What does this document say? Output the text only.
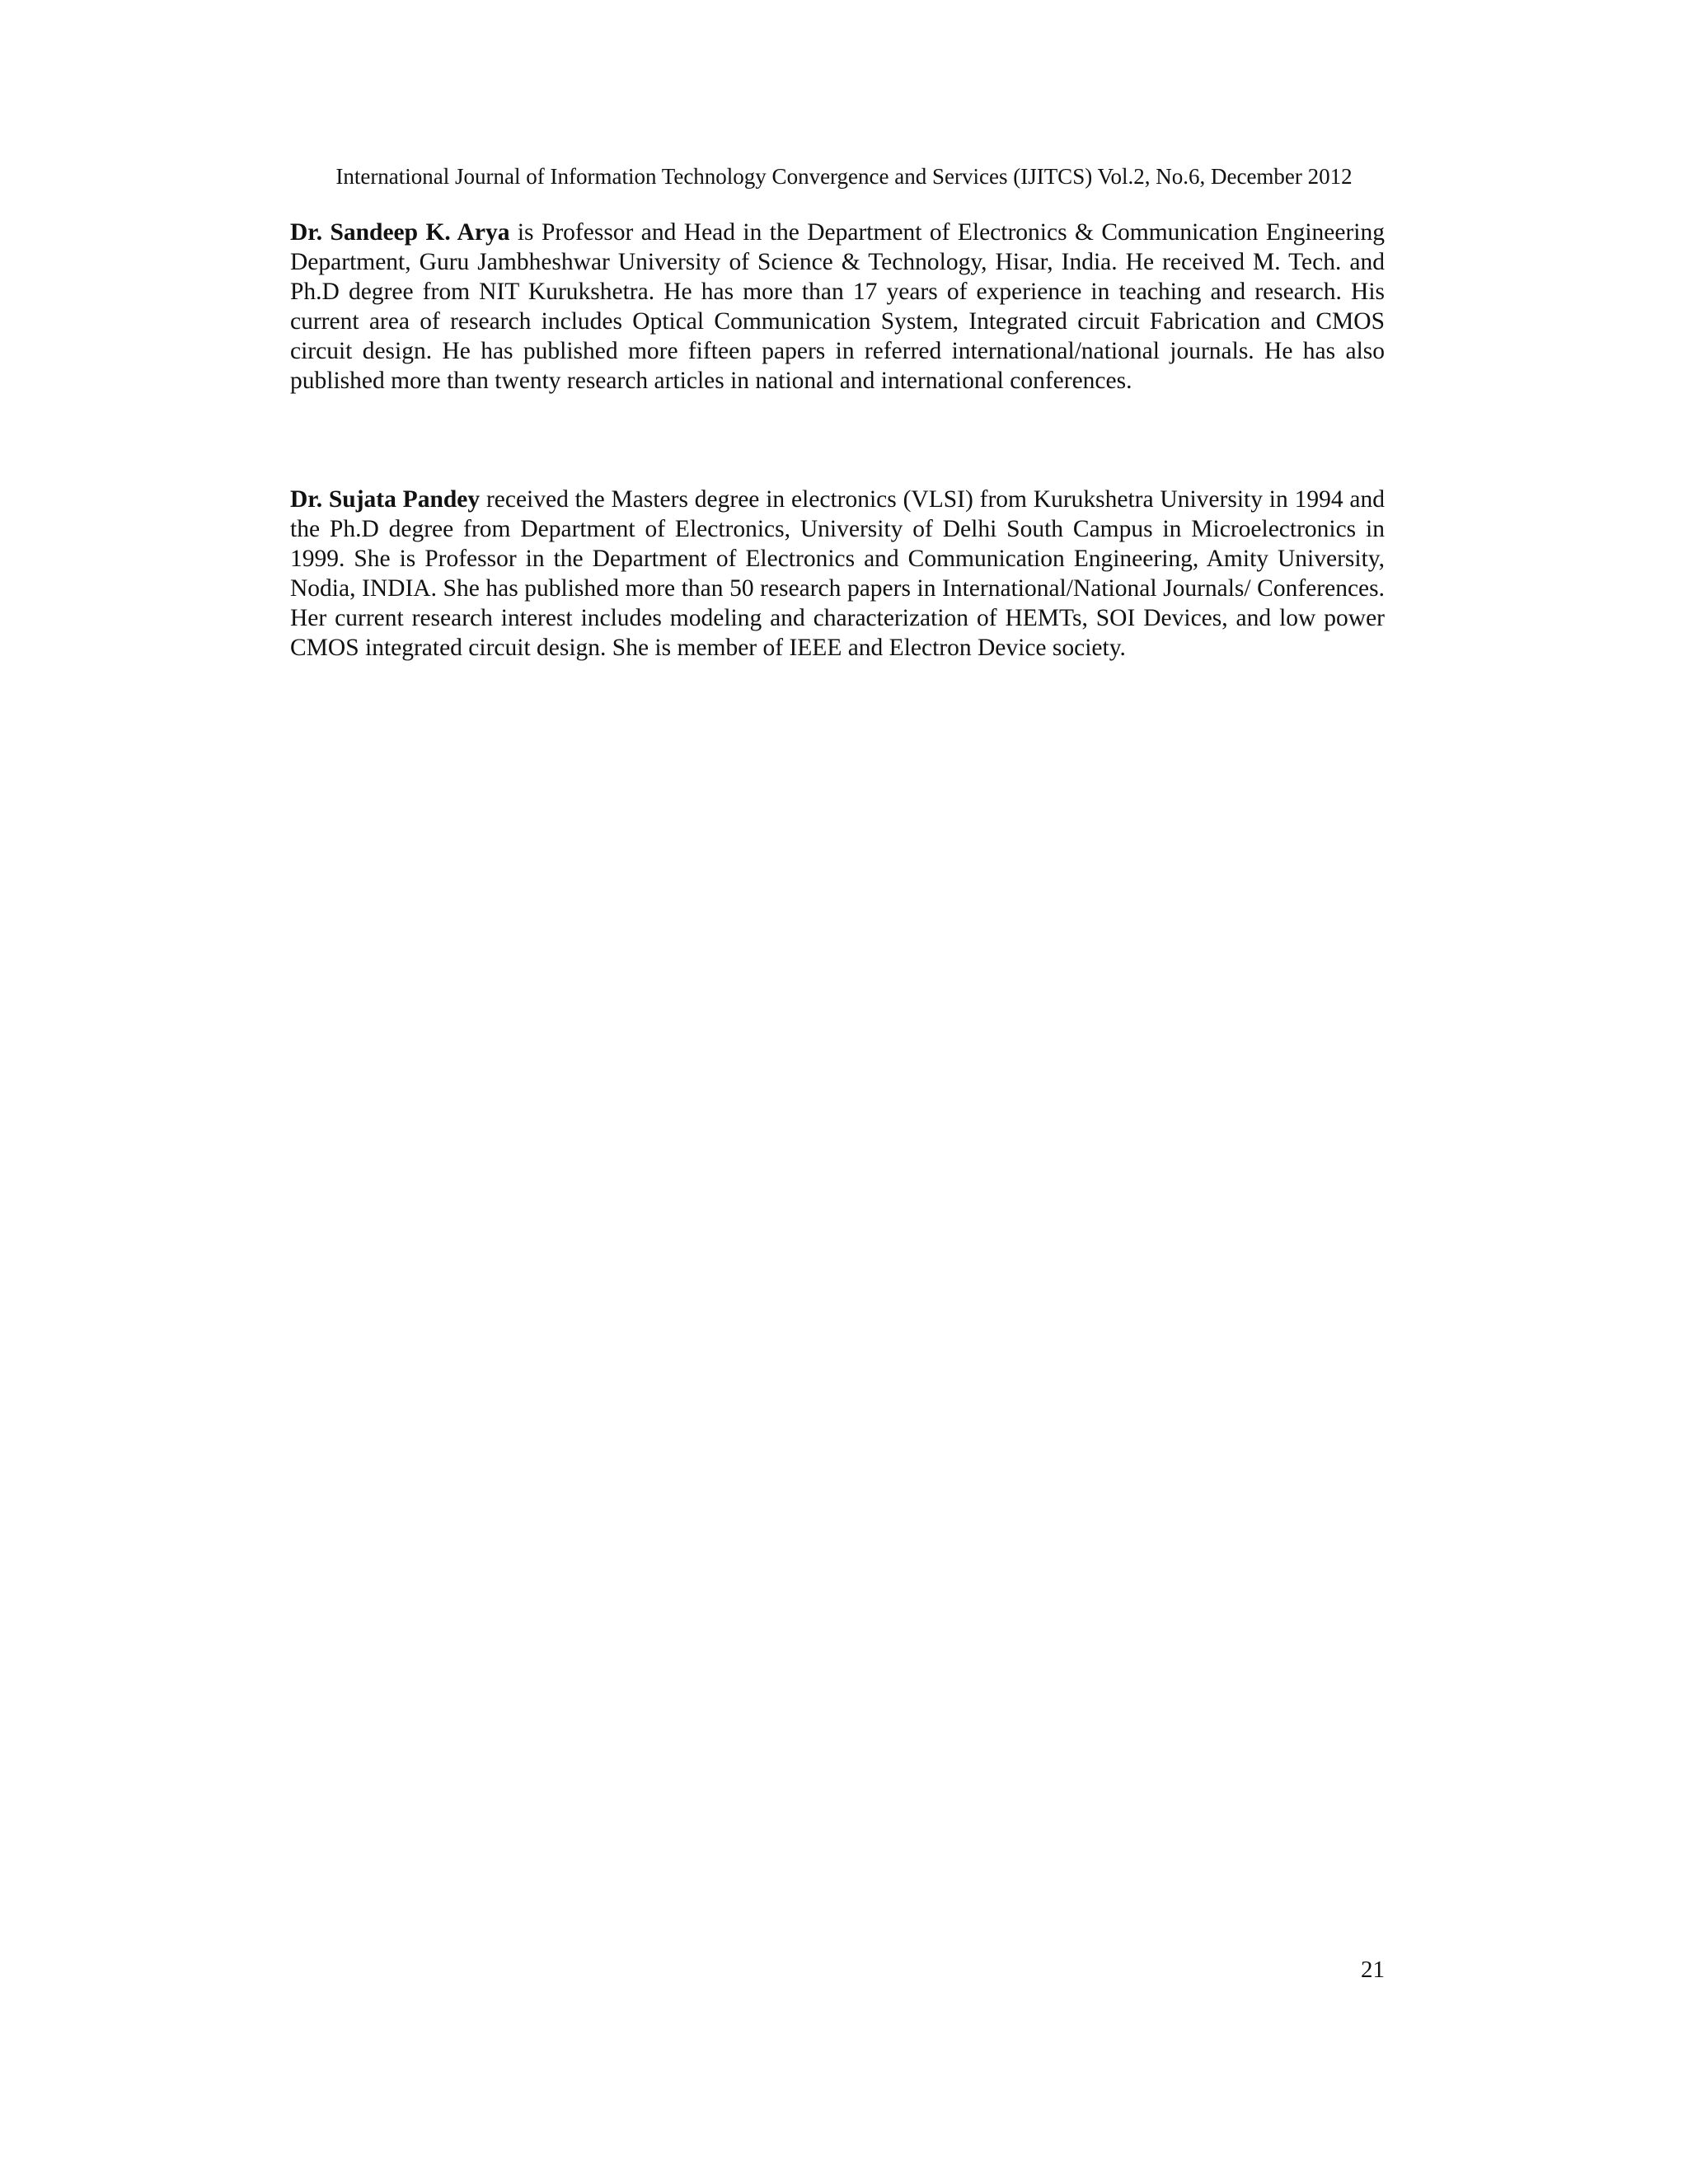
International Journal of Information Technology Convergence and Services (IJITCS) Vol.2, No.6, December 2012

Dr. Sandeep K. Arya is Professor and Head in the Department of Electronics & Communication Engineering Department, Guru Jambheshwar University of Science & Technology, Hisar, India. He received M. Tech. and Ph.D degree from NIT Kurukshetra. He has more than 17 years of experience in teaching and research. His current area of research includes Optical Communication System, Integrated circuit Fabrication and CMOS circuit design. He has published more fifteen papers in referred international/national journals. He has also published more than twenty research articles in national and international conferences.

Dr. Sujata Pandey received the Masters degree in electronics (VLSI) from Kurukshetra University in 1994 and the Ph.D degree from Department of Electronics, University of Delhi South Campus in Microelectronics in 1999. She is Professor in the Department of Electronics and Communication Engineering, Amity University, Nodia, INDIA. She has published more than 50 research papers in International/National Journals/ Conferences. Her current research interest includes modeling and characterization of HEMTs, SOI Devices, and low power CMOS integrated circuit design. She is member of IEEE and Electron Device society.

21
